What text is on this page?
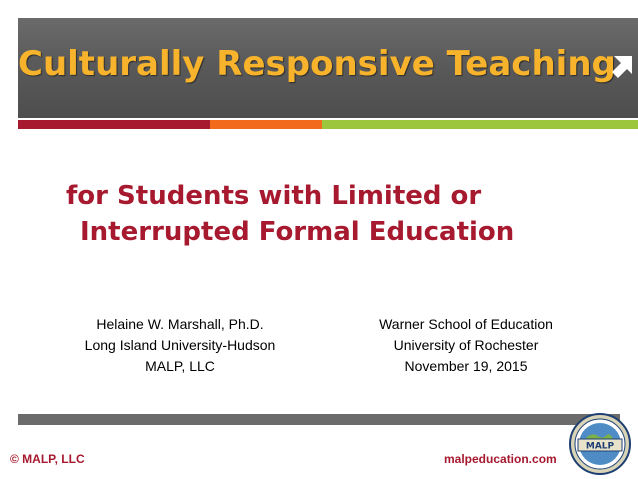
Culturally Responsive Teaching
for Students with Limited or
Interrupted Formal Education
Helaine W. Marshall, Ph.D.
Long Island University-Hudson
MALP, LLC
Warner School of Education
University of Rochester
November 19, 2015
© MALP, LLC	malpeducation.com
MALP
